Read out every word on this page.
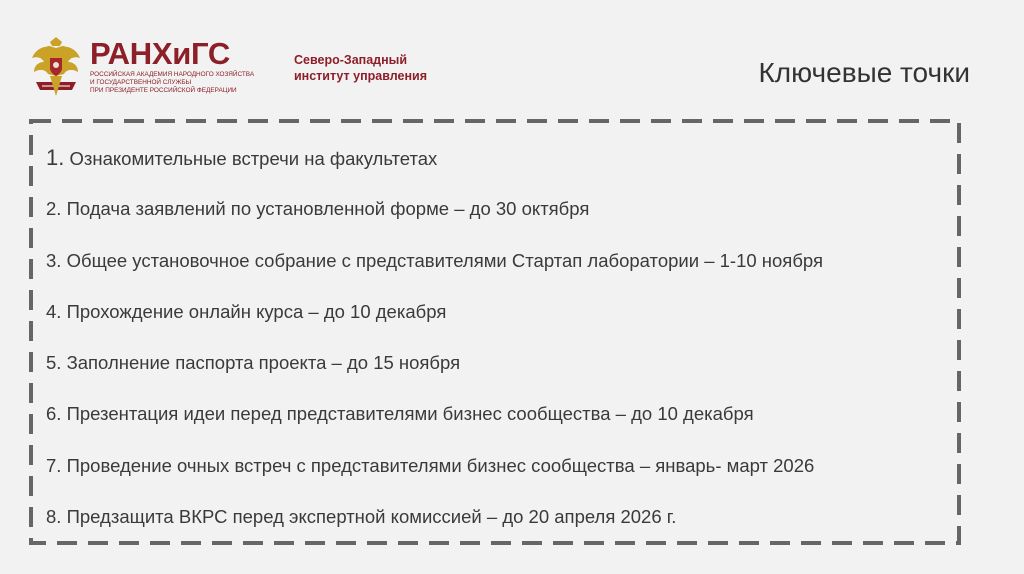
РАНХиГС
РОССИЙСКАЯ АКАДЕМИЯ НАРОДНОГО ХОЗЯЙСТВА
И ГОСУДАРСТВЕННОЙ СЛУЖБЫ
ПРИ ПРЕЗИДЕНТЕ РОССИЙСКОЙ ФЕДЕРАЦИИ
Северо-Западный
институт управления	Ключевые точки
1. Ознакомительные встречи на факультетах
2. Подача заявлений по установленной форме – до 30 октября
3. Общее установочное собрание с представителями Стартап лаборатории – 1-10 ноября
4. Прохождение онлайн курса – до 10 декабря
5. Заполнение паспорта проекта – до 15 ноября
6. Презентация идеи перед представителями бизнес сообщества – до 10 декабря
7. Проведение очных встреч с представителями бизнес сообщества – январь- март 2026
8. Предзащита ВКРС перед экспертной комиссией – до 20 апреля 2026 г.
